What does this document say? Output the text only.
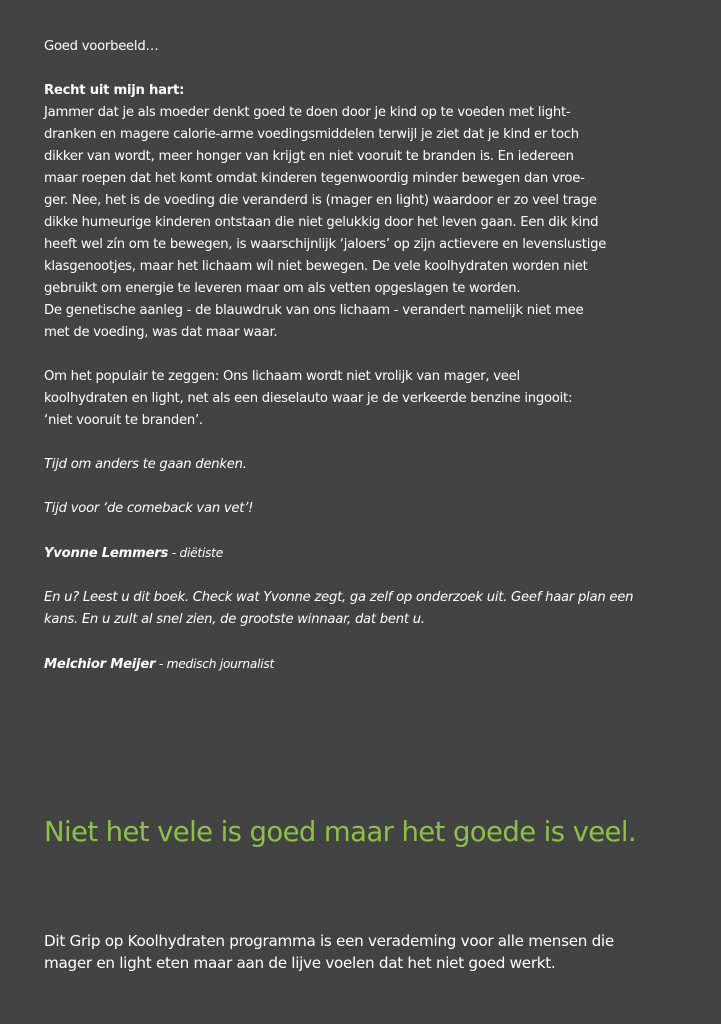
Goed voorbeeld…

Recht uit mijn hart:
Jammer dat je als moeder denkt goed te doen door je kind op te voeden met light-
dranken en magere calorie-arme voedingsmiddelen terwijl je ziet dat je kind er toch
dikker van wordt, meer honger van krijgt en niet vooruit te branden is. En iedereen
maar roepen dat het komt omdat kinderen tegenwoordig minder bewegen dan vroe-
ger. Nee, het is de voeding die veranderd is (mager en light) waardoor er zo veel trage
dikke humeurige kinderen ontstaan die niet gelukkig door het leven gaan. Een dik kind
heeft wel zín om te bewegen, is waarschijnlijk ‘jaloers’ op zijn actievere en levenslustige
klasgenootjes, maar het lichaam wíl niet bewegen. De vele koolhydraten worden niet
gebruikt om energie te leveren maar om als vetten opgeslagen te worden.
De genetische aanleg - de blauwdruk van ons lichaam - verandert namelijk niet mee
met de voeding, was dat maar waar.
Om het populair te zeggen: Ons lichaam wordt niet vrolijk van mager, veel
koolhydraten en light, net als een dieselauto waar je de verkeerde benzine ingooit:
‘niet vooruit te branden’.

Tijd om anders te gaan denken.

Tijd voor ‘de comeback van vet’!

Yvonne Lemmers - diëtiste

En u? Leest u dit boek. Check wat Yvonne zegt, ga zelf op onderzoek uit. Geef haar plan een
kans. En u zult al snel zien, de grootste winnaar, dat bent u.

Melchior Meijer - medisch journalist

Niet het vele is goed maar het goede is veel.

Dit Grip op Koolhydraten programma is een verademing voor alle mensen die
mager en light eten maar aan de lijve voelen dat het niet goed werkt.
